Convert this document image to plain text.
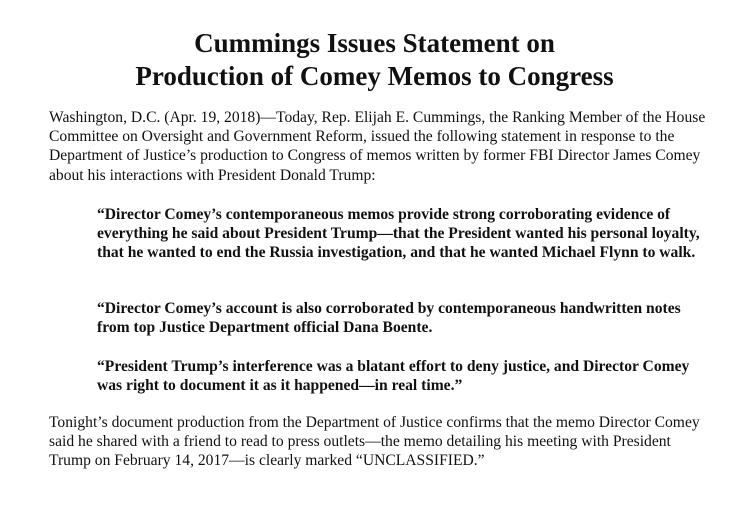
Cummings Issues Statement on
Production of Comey Memos to Congress

Washington, D.C. (Apr. 19, 2018)—Today, Rep. Elijah E. Cummings, the Ranking Member of the House Committee on Oversight and Government Reform, issued the following statement in response to the Department of Justice’s production to Congress of memos written by former FBI Director James Comey about his interactions with President Donald Trump:

“Director Comey’s contemporaneous memos provide strong corroborating evidence of everything he said about President Trump—that the President wanted his personal loyalty, that he wanted to end the Russia investigation, and that he wanted Michael Flynn to walk.

“Director Comey’s account is also corroborated by contemporaneous handwritten notes from top Justice Department official Dana Boente.

“President Trump’s interference was a blatant effort to deny justice, and Director Comey was right to document it as it happened—in real time.”

Tonight’s document production from the Department of Justice confirms that the memo Director Comey said he shared with a friend to read to press outlets—the memo detailing his meeting with President Trump on February 14, 2017—is clearly marked “UNCLASSIFIED.”
